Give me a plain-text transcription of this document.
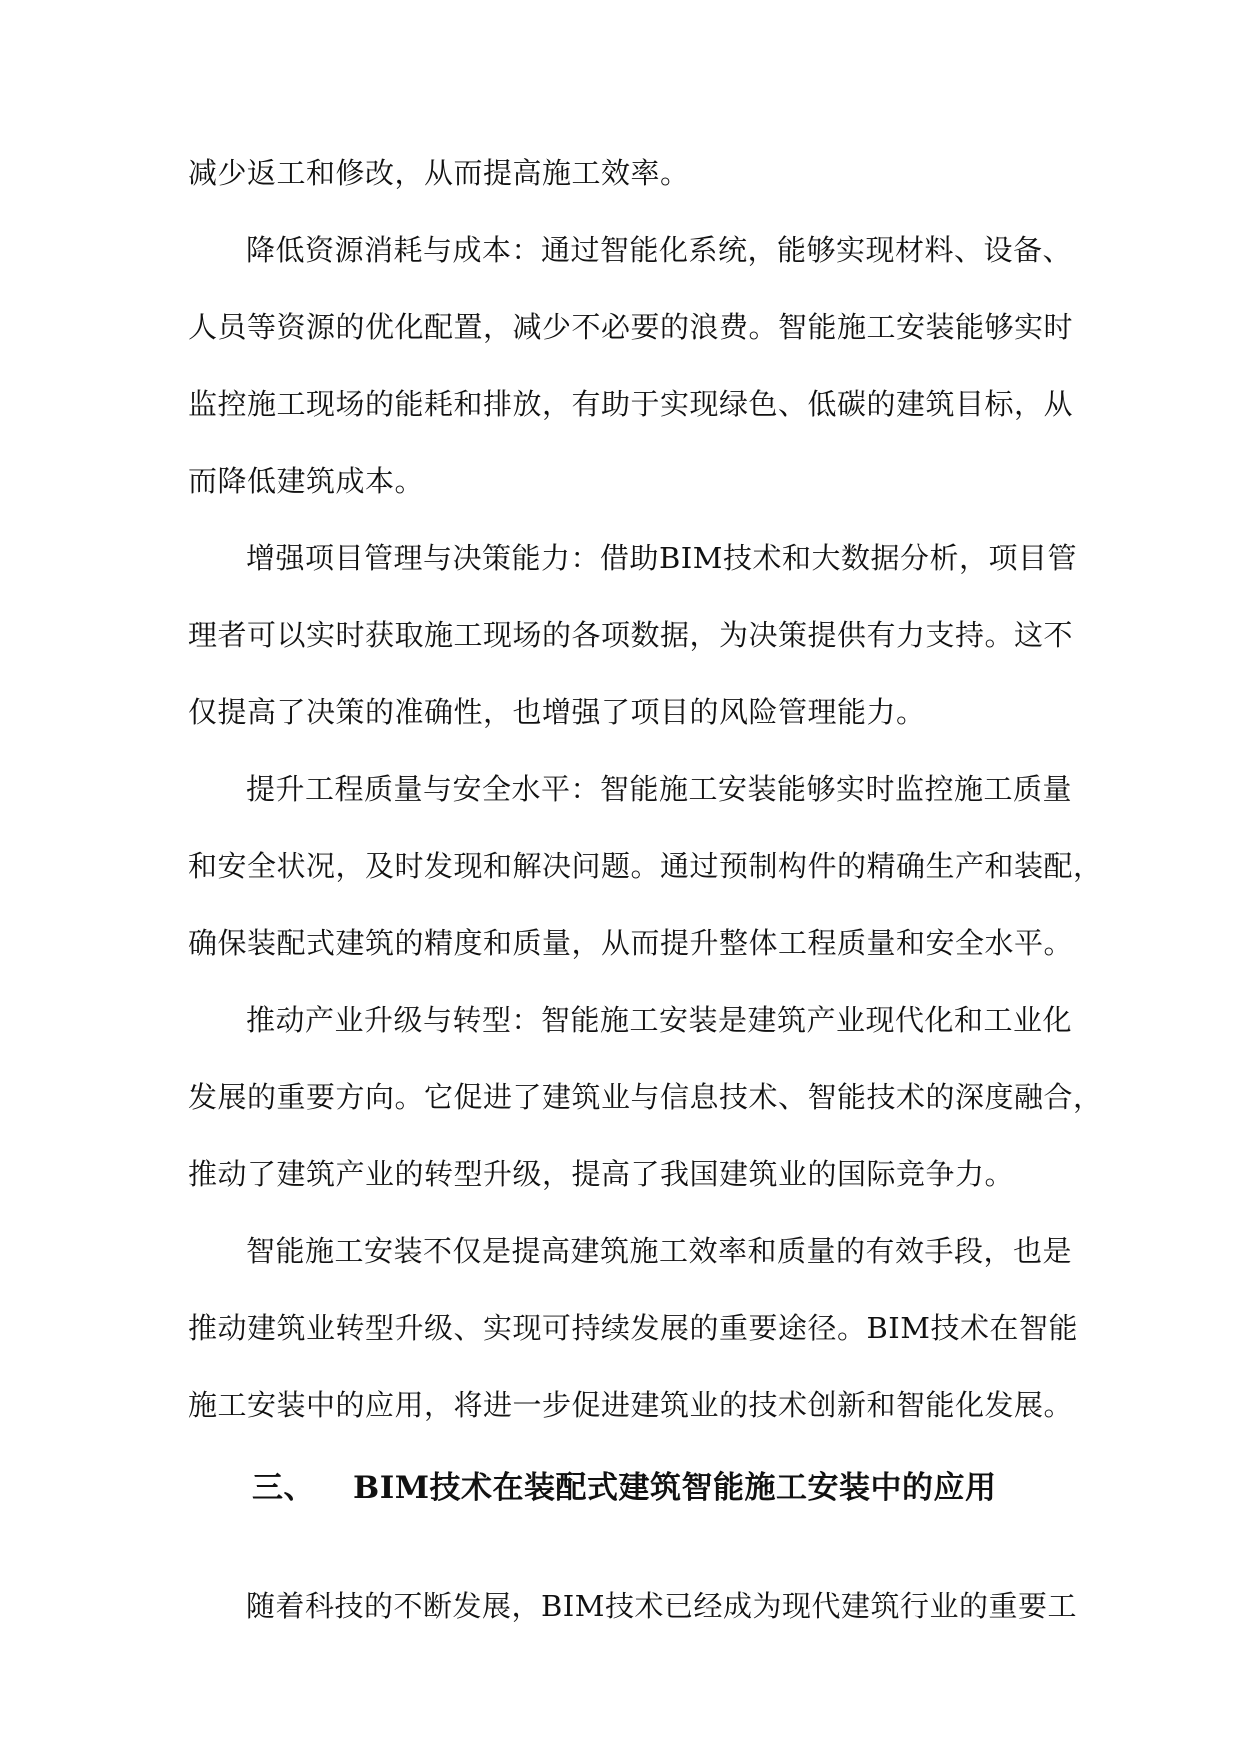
减少返工和修改，从而提高施工效率。
降低资源消耗与成本：通过智能化系统，能够实现材料、设备、
人员等资源的优化配置，减少不必要的浪费。智能施工安装能够实时
监控施工现场的能耗和排放，有助于实现绿色、低碳的建筑目标，从
而降低建筑成本。
增强项目管理与决策能力：借助BIM技术和大数据分析，项目管
理者可以实时获取施工现场的各项数据，为决策提供有力支持。这不
仅提高了决策的准确性，也增强了项目的风险管理能力。
提升工程质量与安全水平：智能施工安装能够实时监控施工质量
和安全状况，及时发现和解决问题。通过预制构件的精确生产和装配，
确保装配式建筑的精度和质量，从而提升整体工程质量和安全水平。
推动产业升级与转型：智能施工安装是建筑产业现代化和工业化
发展的重要方向。它促进了建筑业与信息技术、智能技术的深度融合，
推动了建筑产业的转型升级，提高了我国建筑业的国际竞争力。
智能施工安装不仅是提高建筑施工效率和质量的有效手段，也是
推动建筑业转型升级、实现可持续发展的重要途径。BIM技术在智能
施工安装中的应用，将进一步促进建筑业的技术创新和智能化发展。
三、 BIM技术在装配式建筑智能施工安装中的应用
随着科技的不断发展，BIM技术已经成为现代建筑行业的重要工
